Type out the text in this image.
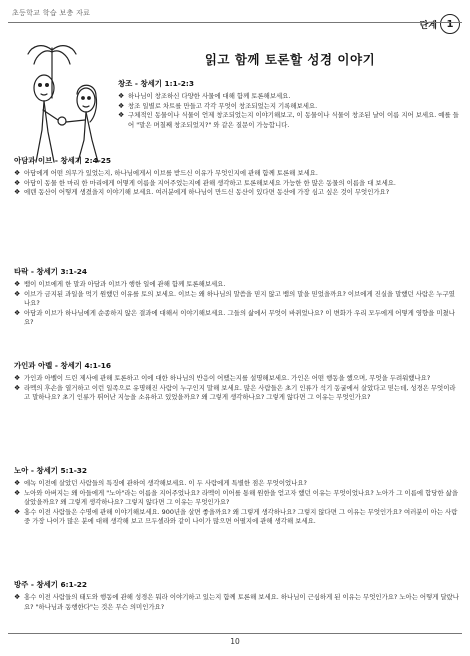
초등학교 학습 보충 자료
단계 1
읽고 함께 토론할 성경 이야기
창조 - 창세기 1:1-2:3
❖ 하나님이 창조하신 다양한 사물에 대해 함께 토론해보세요.
❖ 창조 일별로 차트를 만들고 각각 무엇이 창조되었는지 기록해보세요.
❖ 구체적인 동물이나 식물이 언제 창조되었는지 이야기해보고, 이 동물이나 식물이 창조된 날이 이름 지어 보세요. 예를 들어 "말은 며칠째 창조되었지?" 와 같은 질문이 가능합니다.
아담과 이브 - 창세기 2:4-25
❖ 아담에게 어떤 의무가 있었는지, 하나님에게서 이브를 받드신 이유가 무엇인지에 관해 함께 토론해 보세요.
❖ 아담이 동물 한 마리 한 마리에게 어떻게 이름을 지어주었는지에 관해 생각하고 토론해보세요 가능한 한 많은 동물의 이름을 대 보세요.
❖ 에덴 동산이 어떻게 생겼을지 이야기해 보세요. 여러분에게 하나님이 만드신 동산이 있다면 동산에 가장 심고 싶은 것이 무엇인가요?
타락 - 창세기 3:1-24
❖ 뱀이 이브에게 한 말과 아담과 이브가 행한 일에 관해 함께 토론해보세요.
❖ 이브가 금지된 과일을 먹기 원했던 이유를 토의 보세요. 이브는 왜 하나님의 말씀을 믿지 않고 뱀의 말을 믿었을까요? 이브에게 진실을 말했던 사람은 누구였나요?
❖ 아담과 이브가 하나님에게 순종하지 않은 결과에 대해서 이야기해보세요. 그들의 삶에서 무엇이 바뀌었나요? 이 변화가 우리 모두에게 어떻게 영향을 미쳤나요?
가인과 아벨 - 창세기 4:1-16
❖ 가인과 아벨이 드린 제사에 관해 토론하고 이에 대한 하나님의 반응이 어땠는지를 설명해보세요. 가인은 어떤 행동을 했으며, 무엇을 두려워했나요?
❖ 라멕의 후손을 열거하고 이런 일족으로 유명해진 사람이 누구인지 말해 보세요. 많은 사람들은 초기 인류가 석기 동굴에서 살았다고 믿는데, 성경은 무엇이라고 말하나요? 초기 인류가 뛰어난 지능을 소유하고 있었을까요? 왜 그렇게 생각하나요? 그렇게 않다면 그 이유는 무엇인가요?
노아 - 창세기 5:1-32
❖ 에녹 이전에 살았던 사람들의 특징에 관하여 생각해보세요. 이 두 사람에게 특별한 점은 무엇이었나요?
❖ 노아와 아버지는 왜 아들에게 "노아"라는 이름을 지어주었나요? 라멕이 이어를 통해 원한을 얻고자 했던 이유는 무엇이었나요? 노아가 그 이름에 합당한 삶을 살았을까요? 왜 그렇게 생각하나요? 그렇지 않다면 그 이유는 무엇인가요?
❖ 홍수 이전 사람들은 수명에 관해 이야기해보세요. 900년을 살면 좋을까요? 왜 그렇게 생각하나요? 그렇지 않다면 그 이유는 무엇인가요? 여러분이 아는 사람 중 가장 나이가 많은 분에 대해 생각해 보고 므두셀라와 같이 나이가 많으면 어떨지에 관해 생각해 보세요.
방주 - 창세기 6:1-22
❖ 홍수 이전 사람들의 태도와 행동에 관해 성경은 뭐라 이야기하고 있는지 함께 토론해 보세요. 하나님이 근심하게 된 이유는 무엇인가요? 노아는 어떻게 달랐나요? "하나님과 동행한다"는 것은 무슨 의미인가요?
10
